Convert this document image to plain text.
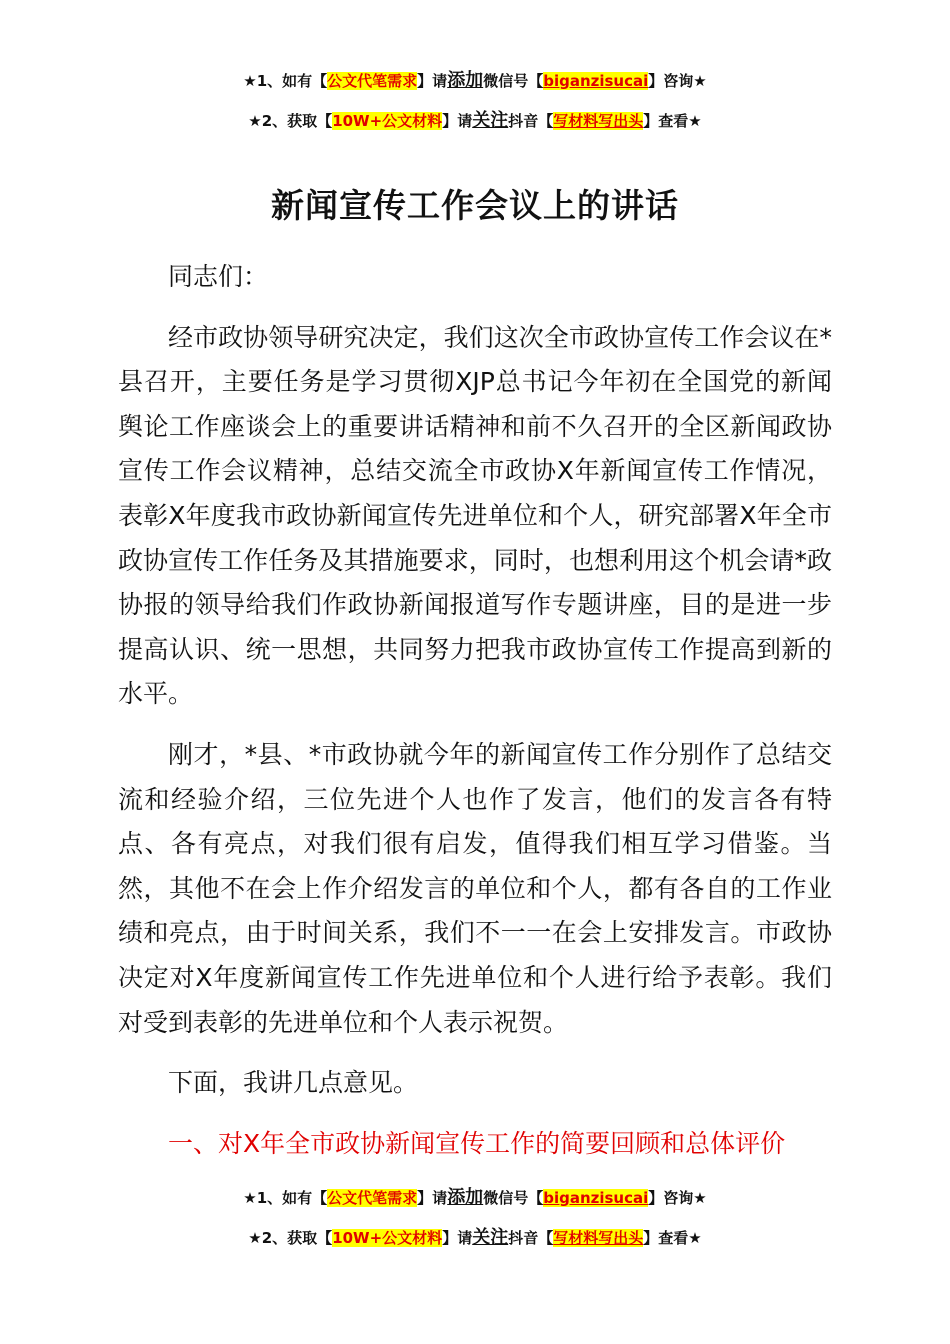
★1、如有【公文代笔需求】请添加微信号【biganzisucai】咨询★
★2、获取【10W+公文材料】请关注抖音【写材料写出头】查看★
新闻宣传工作会议上的讲话

同志们：

经市政协领导研究决定，我们这次全市政协宣传工作会议在*县召开，主要任务是学习贯彻XJP总书记今年初在全国党的新闻舆论工作座谈会上的重要讲话精神和前不久召开的全区新闻政协宣传工作会议精神，总结交流全市政协X年新闻宣传工作情况，表彰X年度我市政协新闻宣传先进单位和个人，研究部署X年全市政协宣传工作任务及其措施要求，同时，也想利用这个机会请*政协报的领导给我们作政协新闻报道写作专题讲座，目的是进一步提高认识、统一思想，共同努力把我市政协宣传工作提高到新的水平。

刚才，*县、*市政协就今年的新闻宣传工作分别作了总结交流和经验介绍，三位先进个人也作了发言，他们的发言各有特点、各有亮点，对我们很有启发，值得我们相互学习借鉴。当然，其他不在会上作介绍发言的单位和个人，都有各自的工作业绩和亮点，由于时间关系，我们不一一在会上安排发言。市政协决定对X年度新闻宣传工作先进单位和个人进行给予表彰。我们对受到表彰的先进单位和个人表示祝贺。

下面，我讲几点意见。

一、对X年全市政协新闻宣传工作的简要回顾和总体评价

★1、如有【公文代笔需求】请添加微信号【biganzisucai】咨询★
★2、获取【10W+公文材料】请关注抖音【写材料写出头】查看★
